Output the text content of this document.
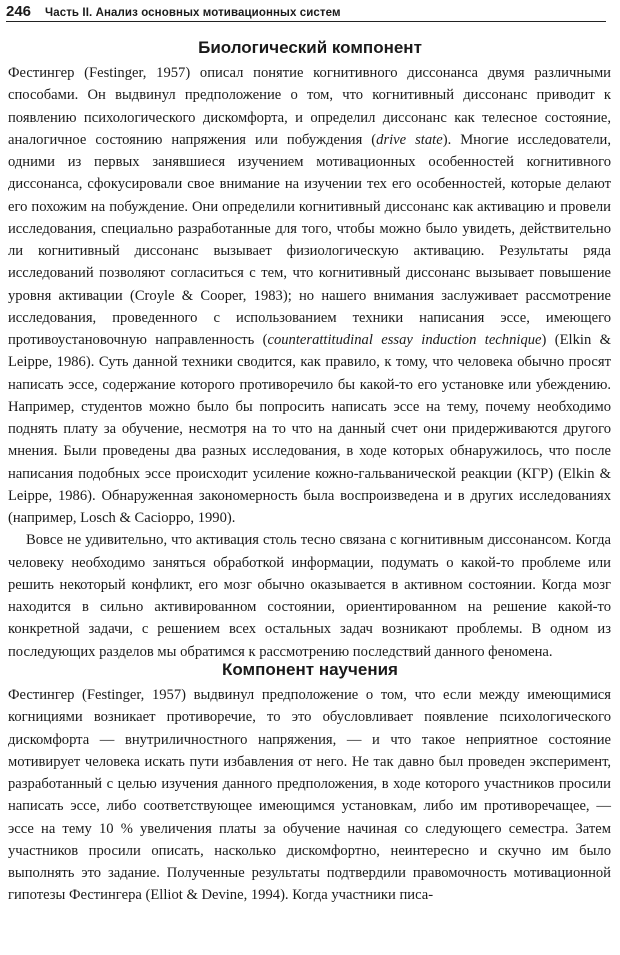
246 Часть II. Анализ основных мотивационных систем
Биологический компонент

Фестингер (Festinger, 1957) описал понятие когнитивного диссонанса двумя различными способами. Он выдвинул предположение о том, что когнитивный диссонанс приводит к появлению психологического дискомфорта, и определил диссонанс как телесное состояние, аналогичное состоянию напряжения или побуждения (drive state). Многие исследователи, одними из первых занявшиеся изучением мотивационных особенностей когнитивного диссонанса, сфокусировали свое внимание на изучении тех его особенностей, которые делают его похожим на побуждение. Они определили когнитивный диссонанс как активацию и провели исследования, специально разработанные для того, чтобы можно было увидеть, действительно ли когнитивный диссонанс вызывает физиологическую активацию. Результаты ряда исследований позволяют согласиться с тем, что когнитивный диссонанс вызывает повышение уровня активации (Croyle & Cooper, 1983); но нашего внимания заслуживает рассмотрение исследования, проведенного с использованием техники написания эссе, имеющего противоустановочную направленность (counterattitudinal essay induction technique) (Elkin & Leippe, 1986). Суть данной техники сводится, как правило, к тому, что человека обычно просят написать эссе, содержание которого противоречило бы какой-то его установке или убеждению. Например, студентов можно было бы попросить написать эссе на тему, почему необходимо поднять плату за обучение, несмотря на то что на данный счет они придерживаются другого мнения. Были проведены два разных исследования, в ходе которых обнаружилось, что после написания подобных эссе происходит усиление кожно-гальванической реакции (КГР) (Elkin & Leippe, 1986). Обнаруженная закономерность была воспроизведена и в других исследованиях (например, Losch & Cacioppo, 1990).

Вовсе не удивительно, что активация столь тесно связана с когнитивным диссонансом. Когда человеку необходимо заняться обработкой информации, подумать о какой-то проблеме или решить некоторый конфликт, его мозг обычно оказывается в активном состоянии. Когда мозг находится в сильно активированном состоянии, ориентированном на решение какой-то конкретной задачи, с решением всех остальных задач возникают проблемы. В одном из последующих разделов мы обратимся к рассмотрению последствий данного феномена.

Компонент научения

Фестингер (Festinger, 1957) выдвинул предположение о том, что если между имеющимися когнициями возникает противоречие, то это обусловливает появление психологического дискомфорта — внутриличностного напряжения, — и что такое неприятное состояние мотивирует человека искать пути избавления от него. Не так давно был проведен эксперимент, разработанный с целью изучения данного предположения, в ходе которого участников просили написать эссе, либо соответствующее имеющимся установкам, либо им противоречащее, — эссе на тему 10 % увеличения платы за обучение начиная со следующего семестра. Затем участников просили описать, насколько дискомфортно, неинтересно и скучно им было выполнять это задание. Полученные результаты подтвердили правомочность мотивационной гипотезы Фестингера (Elliot & Devine, 1994). Когда участники писа-
